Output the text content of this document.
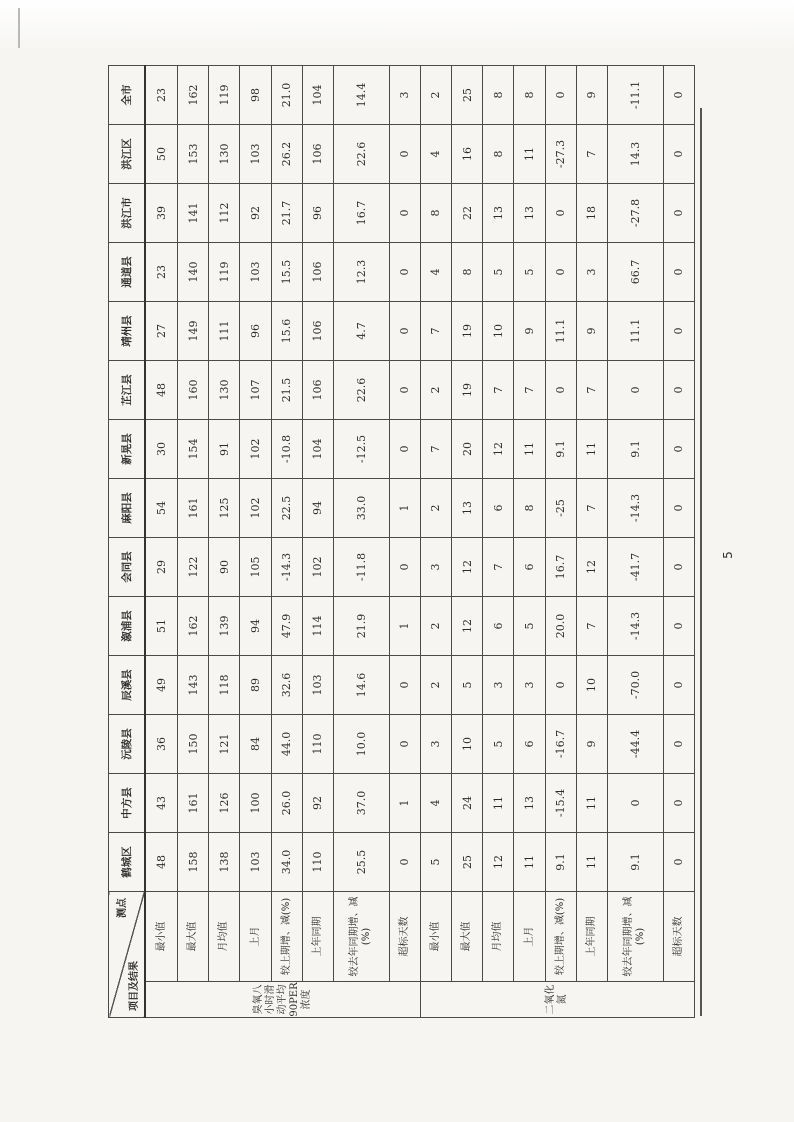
测点
项目及结果		鹤城区	中方县	沅陵县	辰溪县	溆浦县	会同县	麻阳县	新晃县	芷江县	靖州县	通道县	洪江市	洪江区	全市
臭氧八小时滑动平均90PER浓度	最小值	48	43	36	49	51	29	54	30	48	27	23	39	50	23
	最大值	158	161	150	143	162	122	161	154	160	149	140	141	153	162
	月均值	138	126	121	118	139	90	125	91	130	111	119	112	130	119
	上月	103	100	84	89	94	105	102	102	107	96	103	92	103	98
	较上期增、减(%)	34.0	26.0	44.0	32.6	47.9	-14.3	22.5	-10.8	21.5	15.6	15.5	21.7	26.2	21.0
	上年同期	110	92	110	103	114	102	94	104	106	106	106	96	106	104
	较去年同期增、减(%)	25.5	37.0	10.0	14.6	21.9	-11.8	33.0	-12.5	22.6	4.7	12.3	16.7	22.6	14.4
	超标天数	0	1	0	0	1	0	1	0	0	0	0	0	0	3
二氧化氮	最小值	5	4	3	2	2	3	2	7	2	7	4	8	4	2
	最大值	25	24	10	5	12	12	13	20	19	19	8	22	16	25
	月均值	12	11	5	3	6	7	6	12	7	10	5	13	8	8
	上月	11	13	6	3	5	6	8	11	7	9	5	13	11	8
	较上期增、减(%)	9.1	-15.4	-16.7	0	20.0	16.7	-25	9.1	0	11.1	0	0	-27.3	0
	上年同期	11	11	9	10	7	12	7	11	7	9	3	18	7	9
	较去年同期增、减(%)	9.1	0	-44.4	-70.0	-14.3	-41.7	-14.3	9.1	0	11.1	66.7	-27.8	14.3	-11.1
	超标天数	0	0	0	0	0	0	0	0	0	0	0	0	0	0
5
